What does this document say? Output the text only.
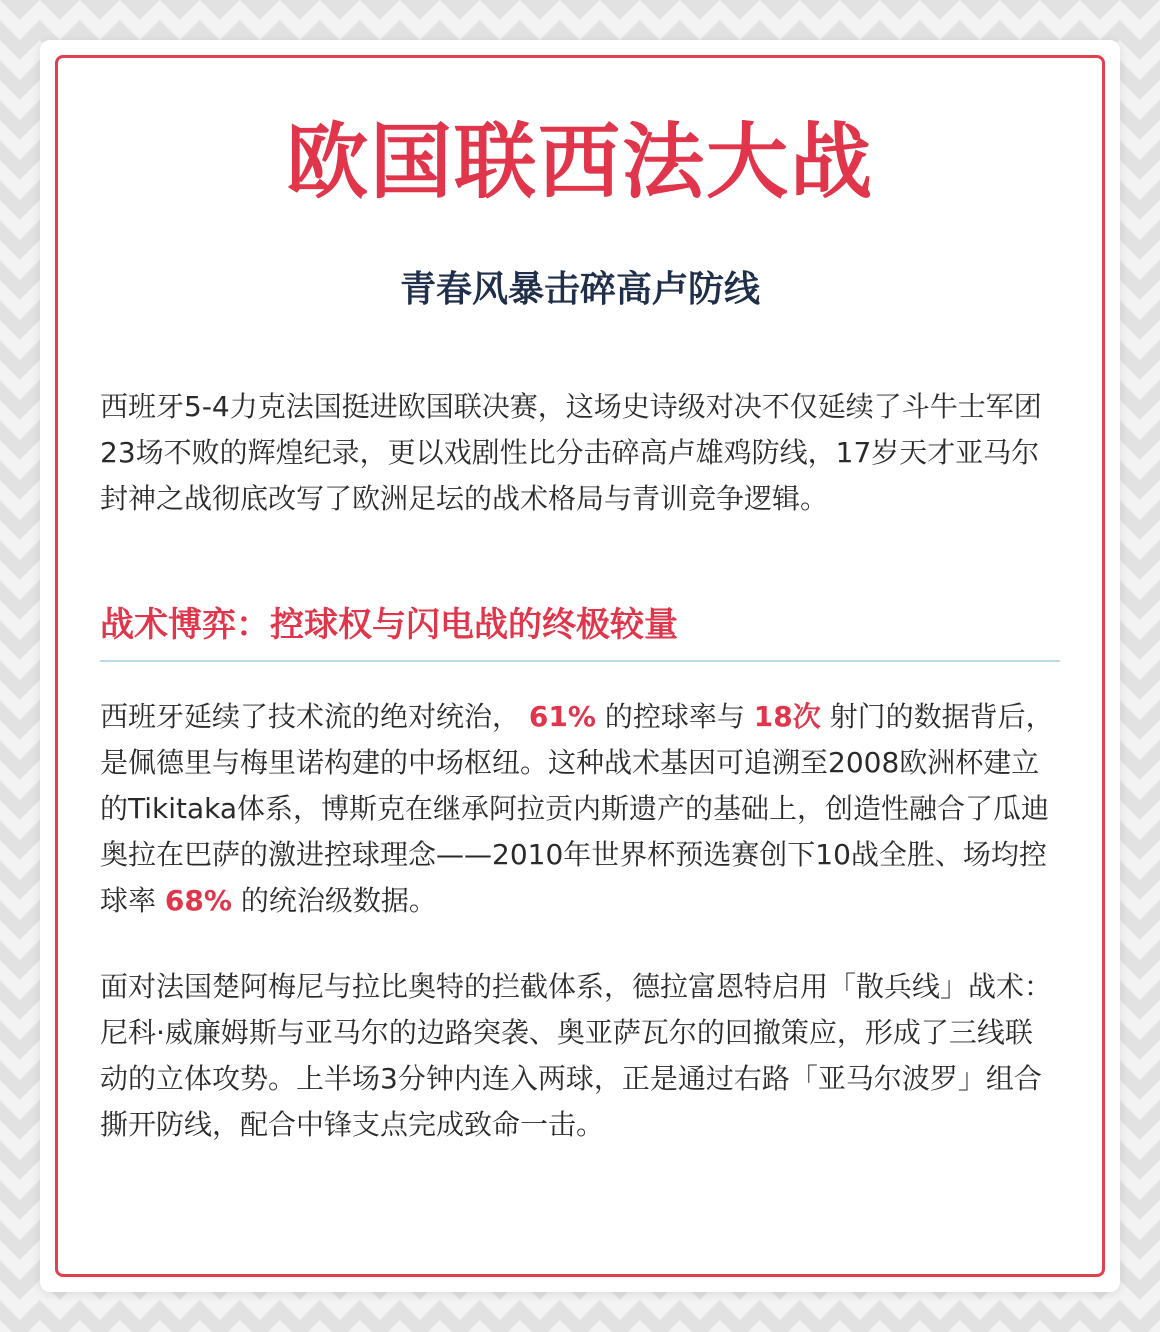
欧国联西法大战
青春风暴击碎高卢防线

西班牙5-4力克法国挺进欧国联决赛，这场史诗级对决不仅延续了斗牛士军团23场不败的辉煌纪录，更以戏剧性比分击碎高卢雄鸡防线，17岁天才亚马尔封神之战彻底改写了欧洲足坛的战术格局与青训竞争逻辑。

战术博弈：控球权与闪电战的终极较量

西班牙延续了技术流的绝对统治， 61% 的控球率与 18次 射门的数据背后，是佩德里与梅里诺构建的中场枢纽。这种战术基因可追溯至2008欧洲杯建立的Tikitaka体系，博斯克在继承阿拉贡内斯遗产的基础上，创造性融合了瓜迪奥拉在巴萨的激进控球理念——2010年世界杯预选赛创下10战全胜、场均控球率 68% 的统治级数据。

面对法国楚阿梅尼与拉比奥特的拦截体系，德拉富恩特启用「散兵线」战术：尼科·威廉姆斯与亚马尔的边路突袭、奥亚萨瓦尔的回撤策应，形成了三线联动的立体攻势。上半场3分钟内连入两球，正是通过右路「亚马尔波罗」组合撕开防线，配合中锋支点完成致命一击。
